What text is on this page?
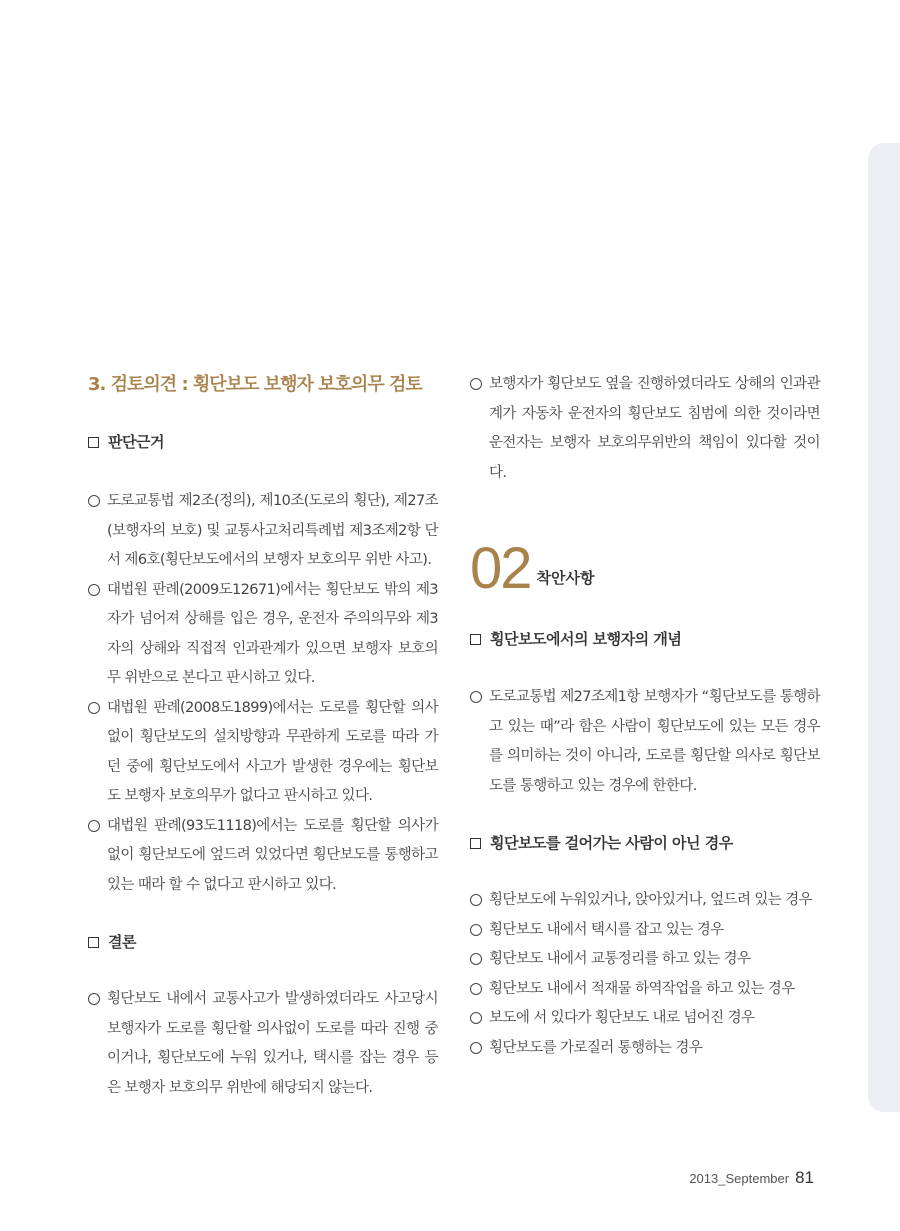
3. 검토의견 : 횡단보도 보행자 보호의무 검토
판단근거
도로교통법 제2조(정의), 제10조(도로의 횡단), 제27조(보행자의 보호) 및 교통사고처리특례법 제3조제2항 단서 제6호(횡단보도에서의 보행자 보호의무 위반 사고).
대법원 판례(2009도12671)에서는 횡단보도 밖의 제3자가 넘어져 상해를 입은 경우, 운전자 주의의무와 제3자의 상해와 직접적 인과관계가 있으면 보행자 보호의무 위반으로 본다고 판시하고 있다.
대법원 판례(2008도1899)에서는 도로를 횡단할 의사없이 횡단보도의 설치방향과 무관하게 도로를 따라 가던 중에 횡단보도에서 사고가 발생한 경우에는 횡단보도 보행자 보호의무가 없다고 판시하고 있다.
대법원 판례(93도1118)에서는 도로를 횡단할 의사가 없이 횡단보도에 엎드려 있었다면 횡단보도를 통행하고 있는 때라 할 수 없다고 판시하고 있다.
결론
횡단보도 내에서 교통사고가 발생하였더라도 사고당시 보행자가 도로를 횡단할 의사없이 도로를 따라 진행 중이거나, 횡단보도에 누워 있거나, 택시를 잡는 경우 등은 보행자 보호의무 위반에 해당되지 않는다.
보행자가 횡단보도 옆을 진행하였더라도 상해의 인과관계가 자동차 운전자의 횡단보도 침범에 의한 것이라면 운전자는 보행자 보호의무위반의 책임이 있다할 것이다.
02 착안사항
횡단보도에서의 보행자의 개념
도로교통법 제27조제1항 보행자가 “횡단보도를 통행하고 있는 때”라 함은 사람이 횡단보도에 있는 모든 경우를 의미하는 것이 아니라, 도로를 횡단할 의사로 횡단보도를 통행하고 있는 경우에 한한다.
횡단보도를 걸어가는 사람이 아닌 경우
횡단보도에 누워있거나, 앉아있거나, 엎드려 있는 경우
횡단보도 내에서 택시를 잡고 있는 경우
횡단보도 내에서 교통정리를 하고 있는 경우
횡단보도 내에서 적재물 하역작업을 하고 있는 경우
보도에 서 있다가 횡단보도 내로 넘어진 경우
횡단보도를 가로질러 통행하는 경우
2013_September 81
